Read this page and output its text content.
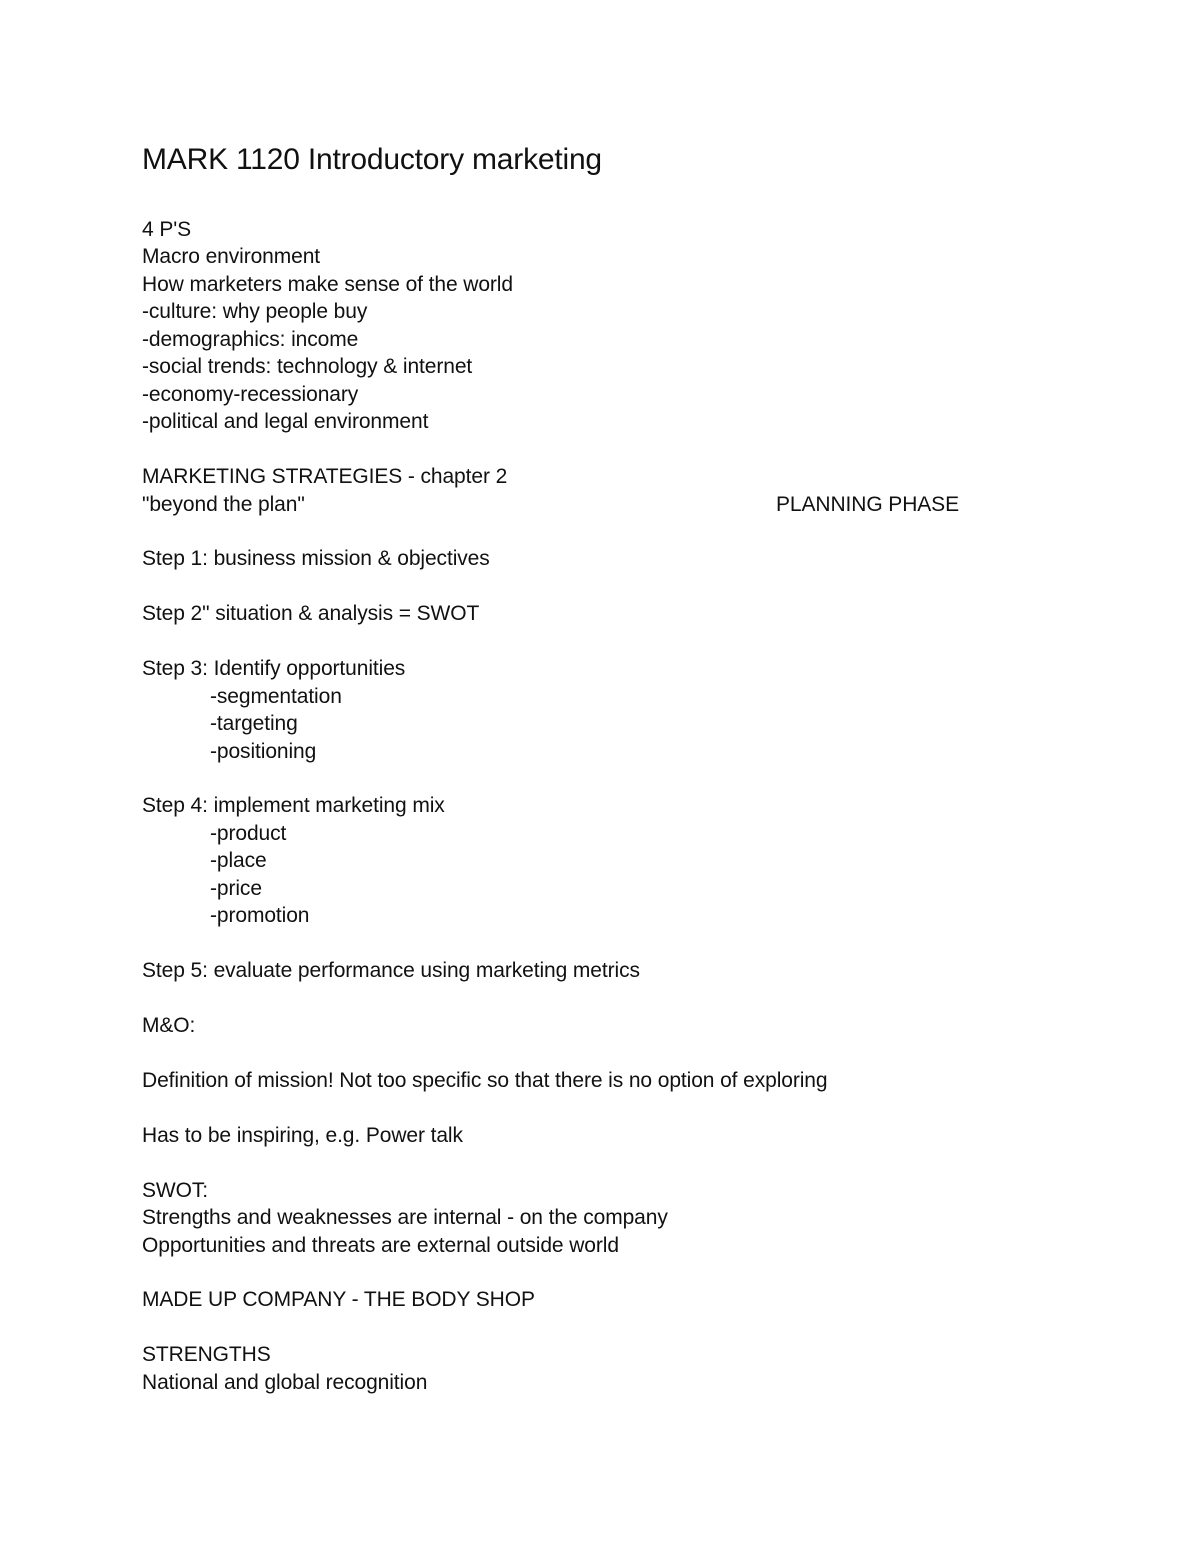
MARK 1120 Introductory marketing
4 P'S
Macro environment
How marketers make sense of the world
-culture: why people buy
-demographics: income
-social trends: technology & internet
-economy-recessionary
-political and legal environment
MARKETING STRATEGIES - chapter 2
"beyond the plan"	PLANNING PHASE
Step 1: business mission & objectives
Step 2" situation & analysis = SWOT
Step 3: Identify opportunities
-segmentation
-targeting
-positioning
Step 4: implement marketing mix
-product
-place
-price
-promotion
Step 5: evaluate performance using marketing metrics
M&O:
Definition of mission! Not too specific so that there is no option of exploring
Has to be inspiring, e.g. Power talk
SWOT:
Strengths and weaknesses are internal - on the company
Opportunities and threats are external outside world
MADE UP COMPANY - THE BODY SHOP
STRENGTHS
National and global recognition
